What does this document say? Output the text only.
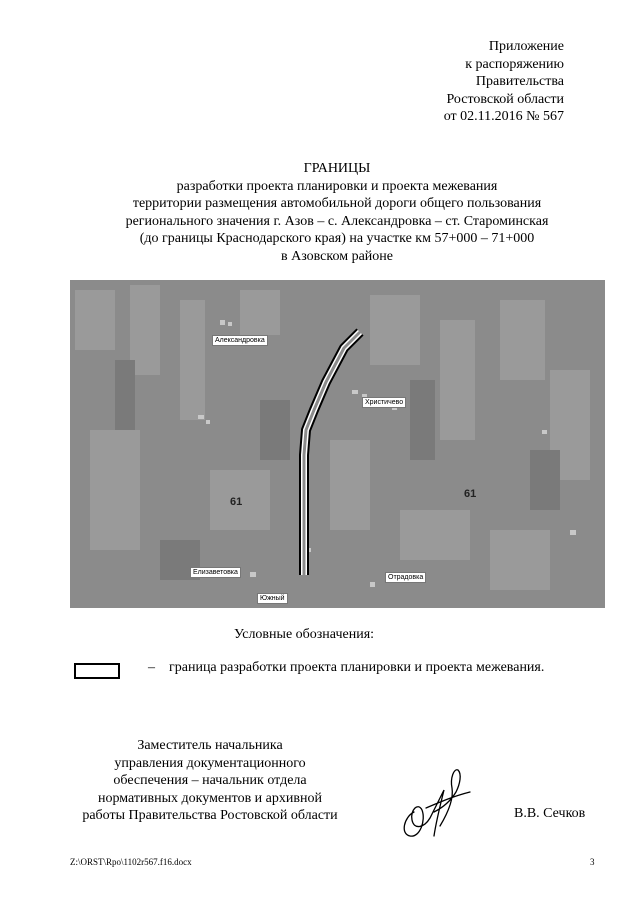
Приложение
к распоряжению
Правительства
Ростовской области
от 02.11.2016 № 567
ГРАНИЦЫ
разработки проекта планировки и проекта межевания
территории размещения автомобильной дороги общего пользования
регионального значения г. Азов – с. Александровка – ст. Староминская
(до границы Краснодарского края) на участке км 57+000 – 71+000
в Азовском районе
Александровка
Христичево
Елизаветовка
Отрадовка
Южный
61
61
Условные обозначения:
– граница разработки проекта планировки и проекта межевания.
Заместитель начальника
управления документационного
обеспечения – начальник отдела
нормативных документов и архивной
работы Правительства Ростовской области	В.В. Сечков
Z:\ORST\Rpo\1102r567.f16.docx	3
